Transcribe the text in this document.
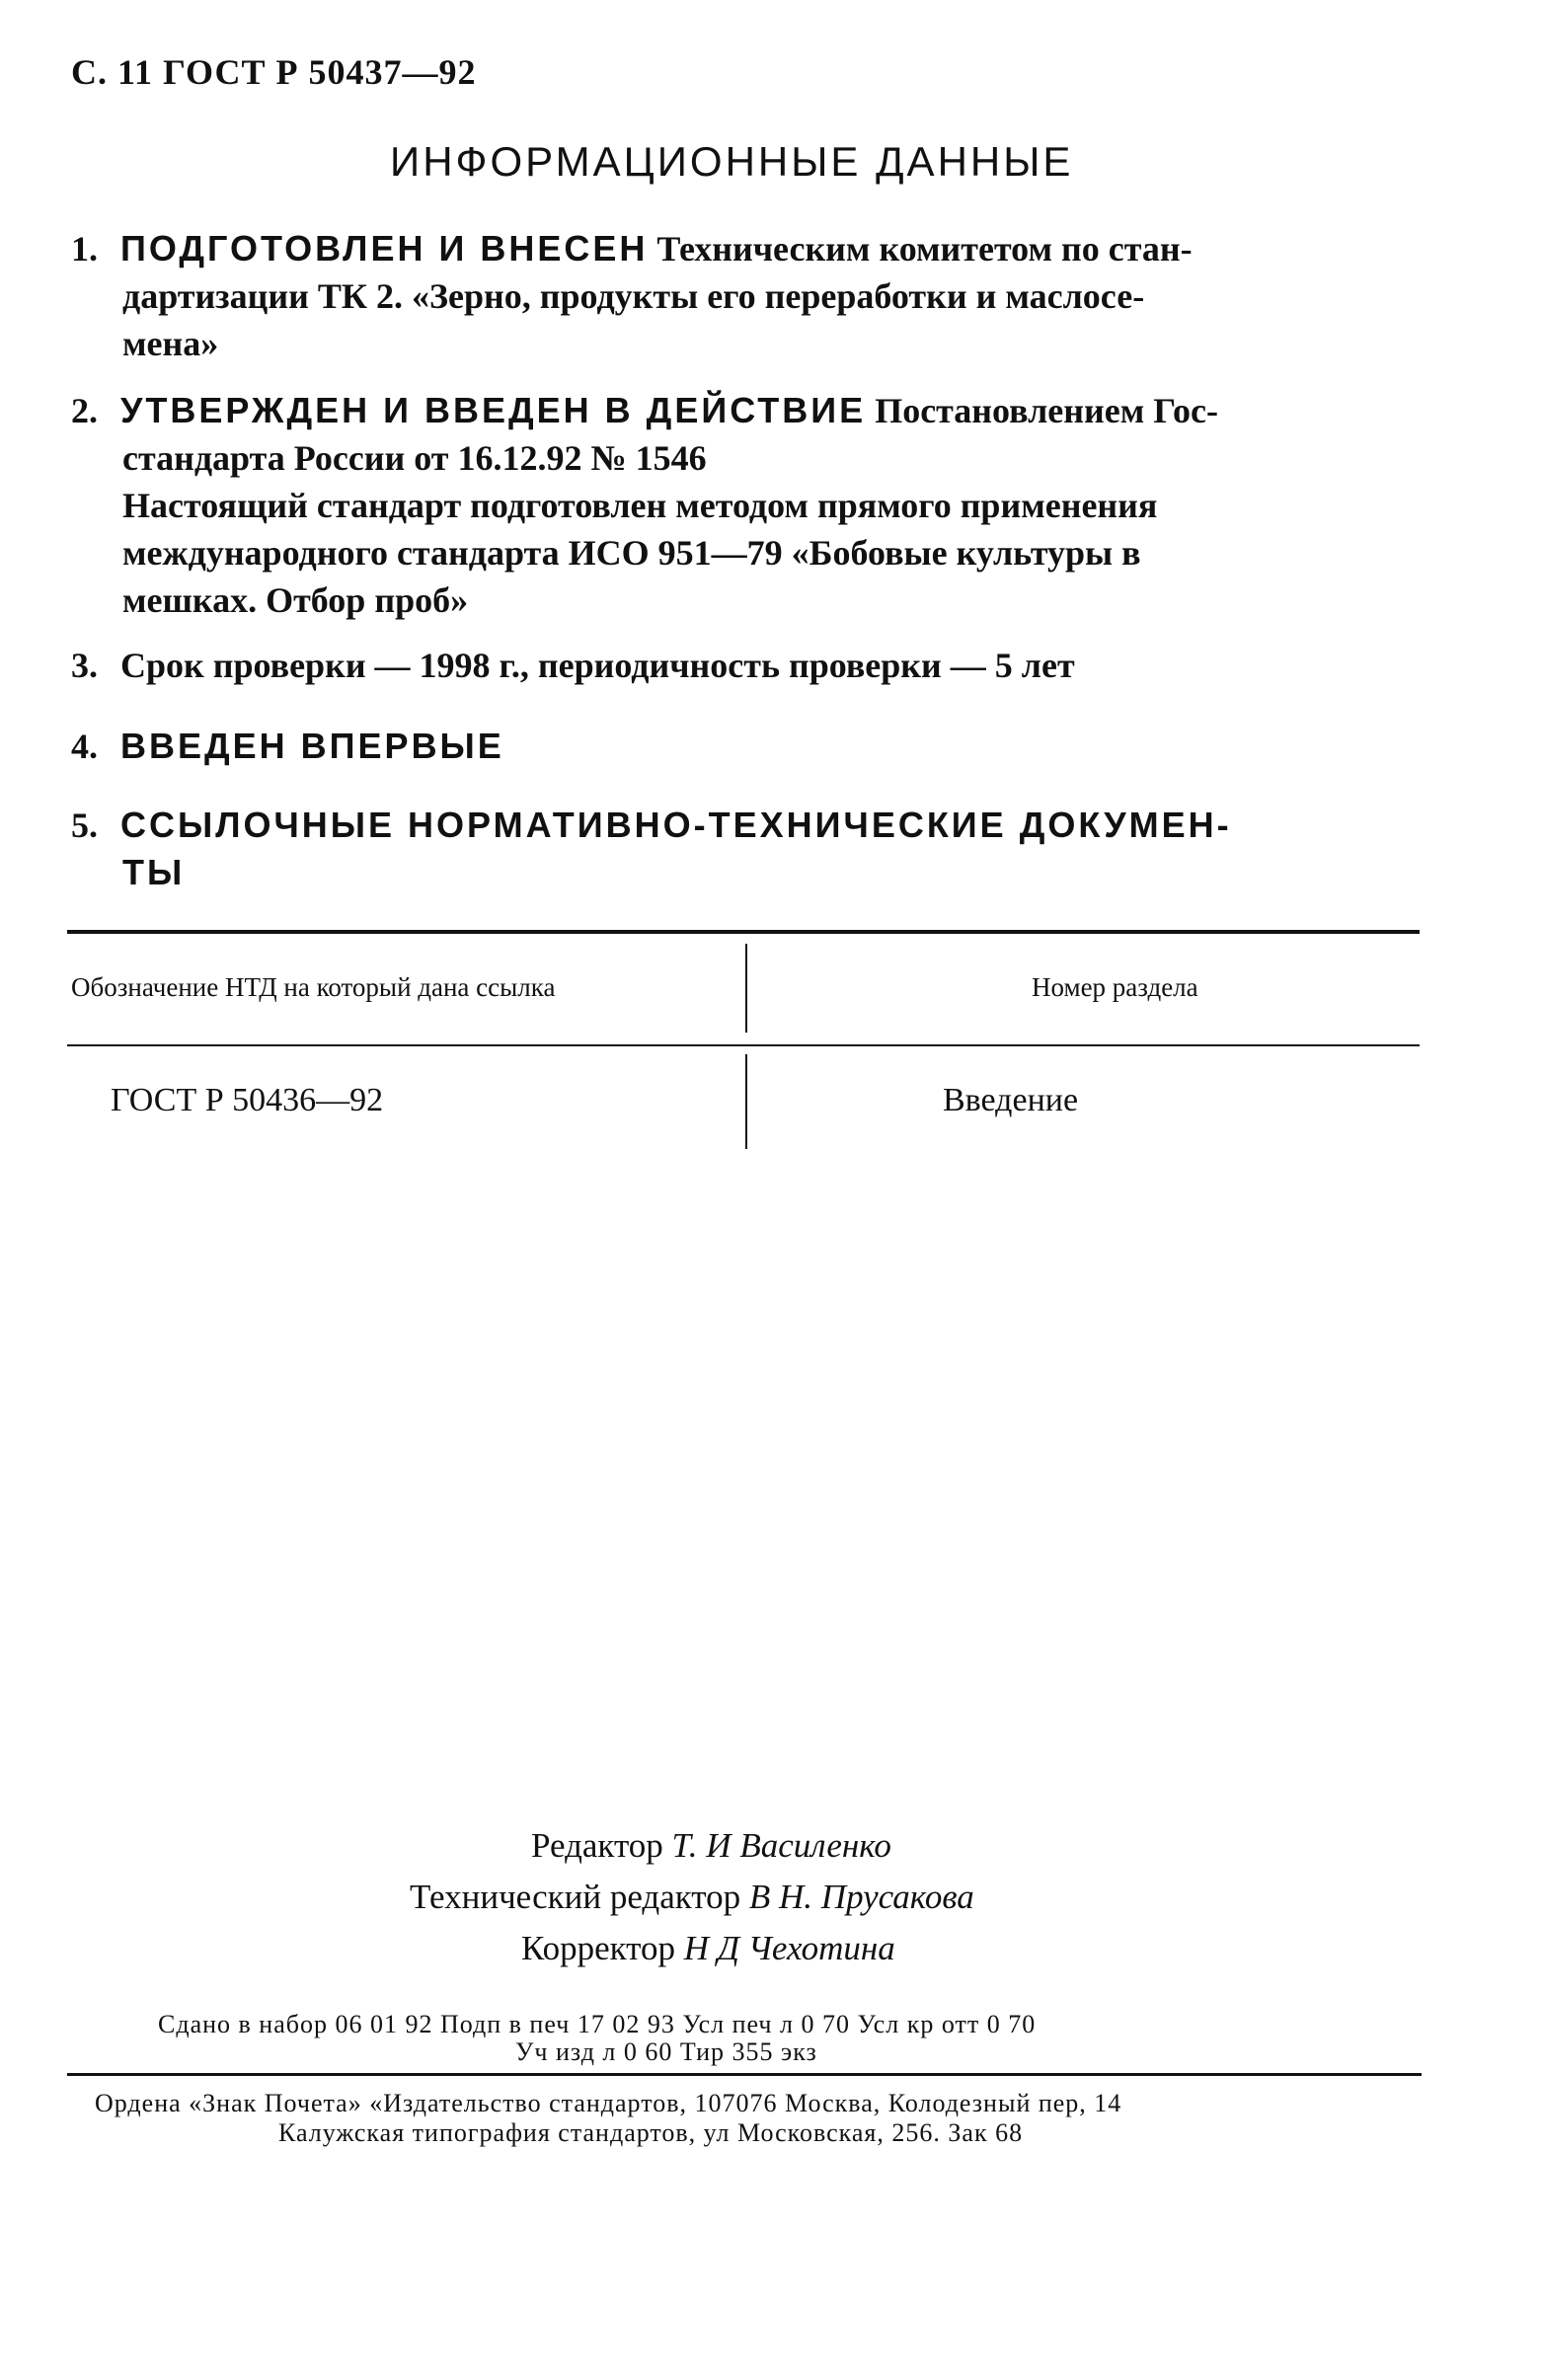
С. 11 ГОСТ Р 50437—92
ИНФОРМАЦИОННЫЕ ДАННЫЕ
1. ПОДГОТОВЛЕН И ВНЕСЕН Техническим комитетом по стан-
дартизации ТК 2. «Зерно, продукты его переработки и маслосе-
мена»
2. УТВЕРЖДЕН И ВВЕДЕН В ДЕЙСТВИЕ Постановлением Гос-
стандарта России от 16.12.92 № 1546
Настоящий стандарт подготовлен методом прямого применения
международного стандарта ИСО 951—79 «Бобовые культуры в
мешках. Отбор проб»
3. Срок проверки — 1998 г., периодичность проверки — 5 лет
4. ВВЕДЕН ВПЕРВЫЕ
5. ССЫЛОЧНЫЕ НОРМАТИВНО-ТЕХНИЧЕСКИЕ ДОКУМЕН-
ТЫ
Обозначение НТД на который дана ссылка	Номер раздела
ГОСТ Р 50436—92	Введение
Редактор Т. И Василенко
Технический редактор В Н. Прусакова
Корректор Н Д Чехотина
Сдано в набор 06 01 92 Подп в печ 17 02 93 Усл печ л 0 70 Усл кр отт 0 70
Уч изд л 0 60 Тир 355 экз
Ордена «Знак Почета» «Издательство стандартов, 107076 Москва, Колодезный пер, 14
Калужская типография стандартов, ул Московская, 256. Зак 68
